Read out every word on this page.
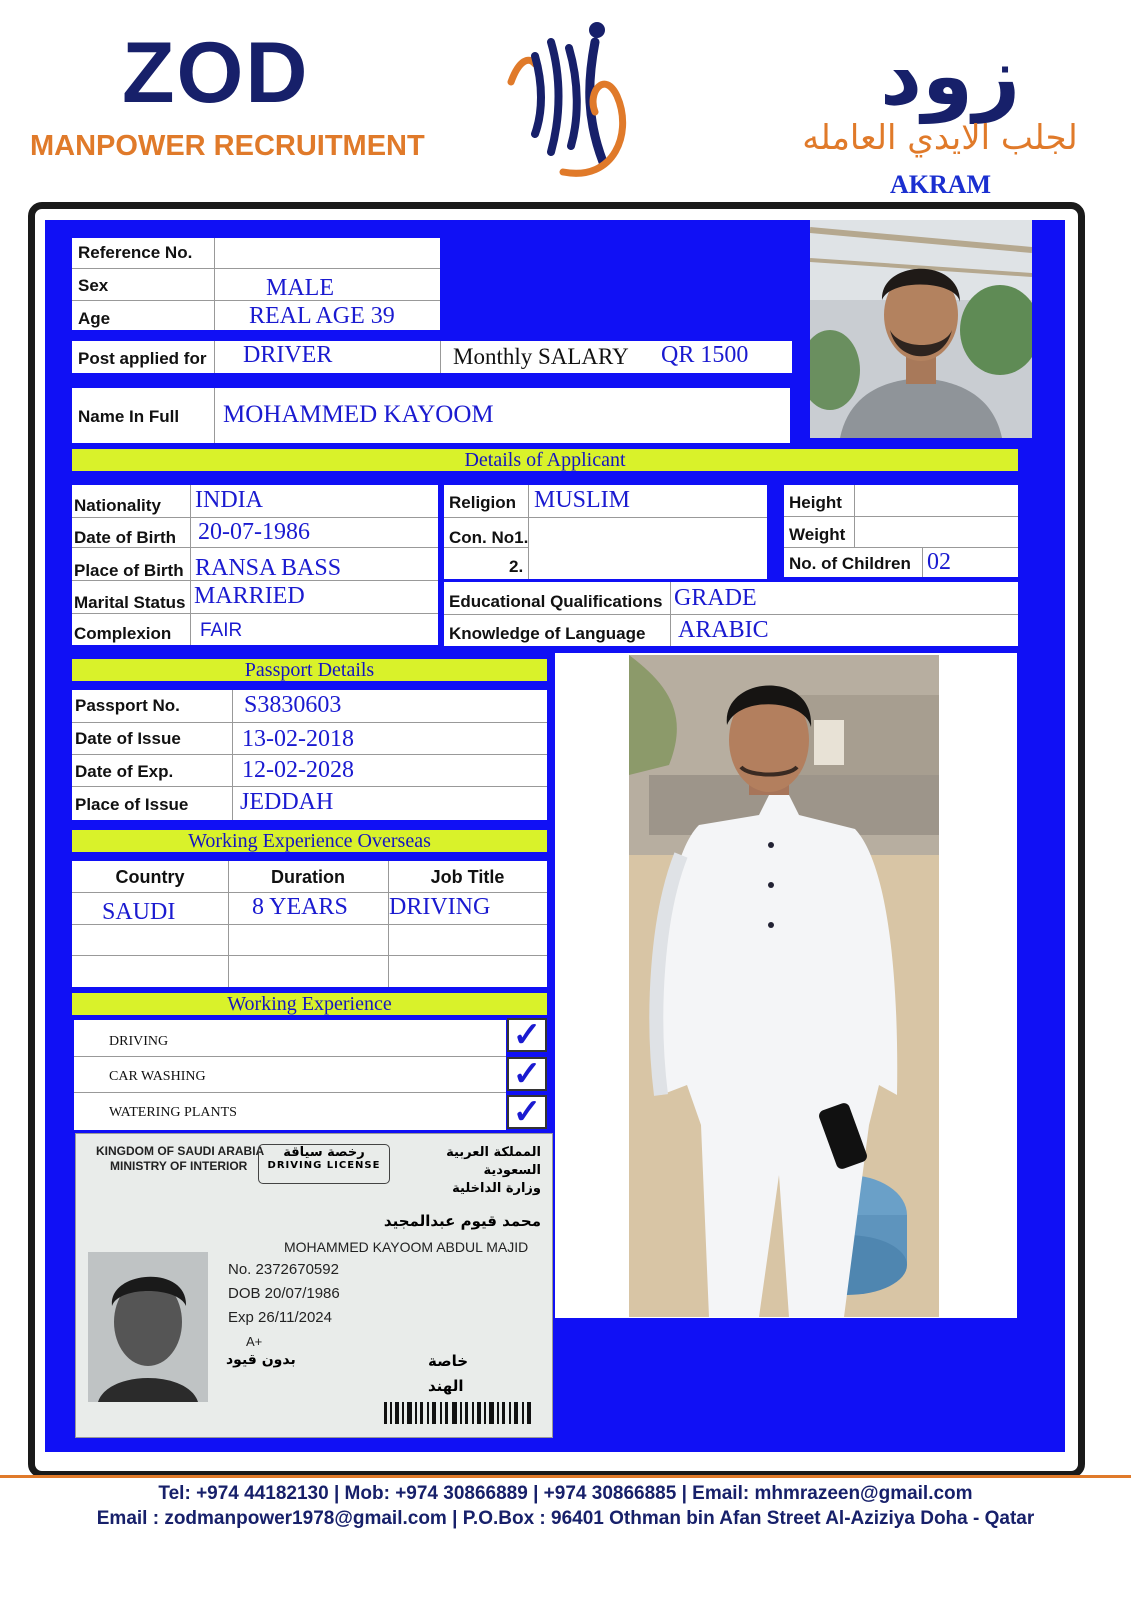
ZOD
MANPOWER RECRUITMENT
زود
لجلب الايدي العامله
AKRAM
Reference No.
Sex	MALE
Age	REAL AGE 39
Post applied for DRIVER	Monthly SALARY QR 1500
Name In Full MOHAMMED KAYOOM
Details of Applicant
Nationality INDIA
Date of Birth 20-07-1986
Place of Birth RANSA BASS
Marital Status MARRIED
Complexion FAIR
Religion MUSLIM
Con. No1.
2.
Height
Weight
No. of Children 02
Educational Qualifications GRADE
Knowledge of Language ARABIC
Passport Details
Passport No.	S3830603
Date of Issue	13-02-2018
Date of Exp.	12-02-2028
Place of Issue JEDDAH
Working Experience Overseas
Country	Duration	Job Title
SAUDI	8 YEARS DRIVING
Working Experience
DRIVING
CAR WASHING
WATERING PLANTS
✓
✓
✓
KINGDOM OF SAUDI ARABIA
MINISTRY OF INTERIOR
رخصة سياقة
DRIVING LICENSE
المملكة العربية السعودية
وزارة الداخلية
محمد قيوم عبدالمجيد
MOHAMMED KAYOOM ABDUL MAJID
No. 2372670592
DOB 20/07/1986
Exp 26/11/2024
A+
بدون قيود	خاصة
الهند
Tel: +974 44182130 | Mob: +974 30866889 | +974 30866885 | Email: mhmrazeen@gmail.com
Email : zodmanpower1978@gmail.com | P.O.Box : 96401 Othman bin Afan Street Al-Aziziya Doha - Qatar
